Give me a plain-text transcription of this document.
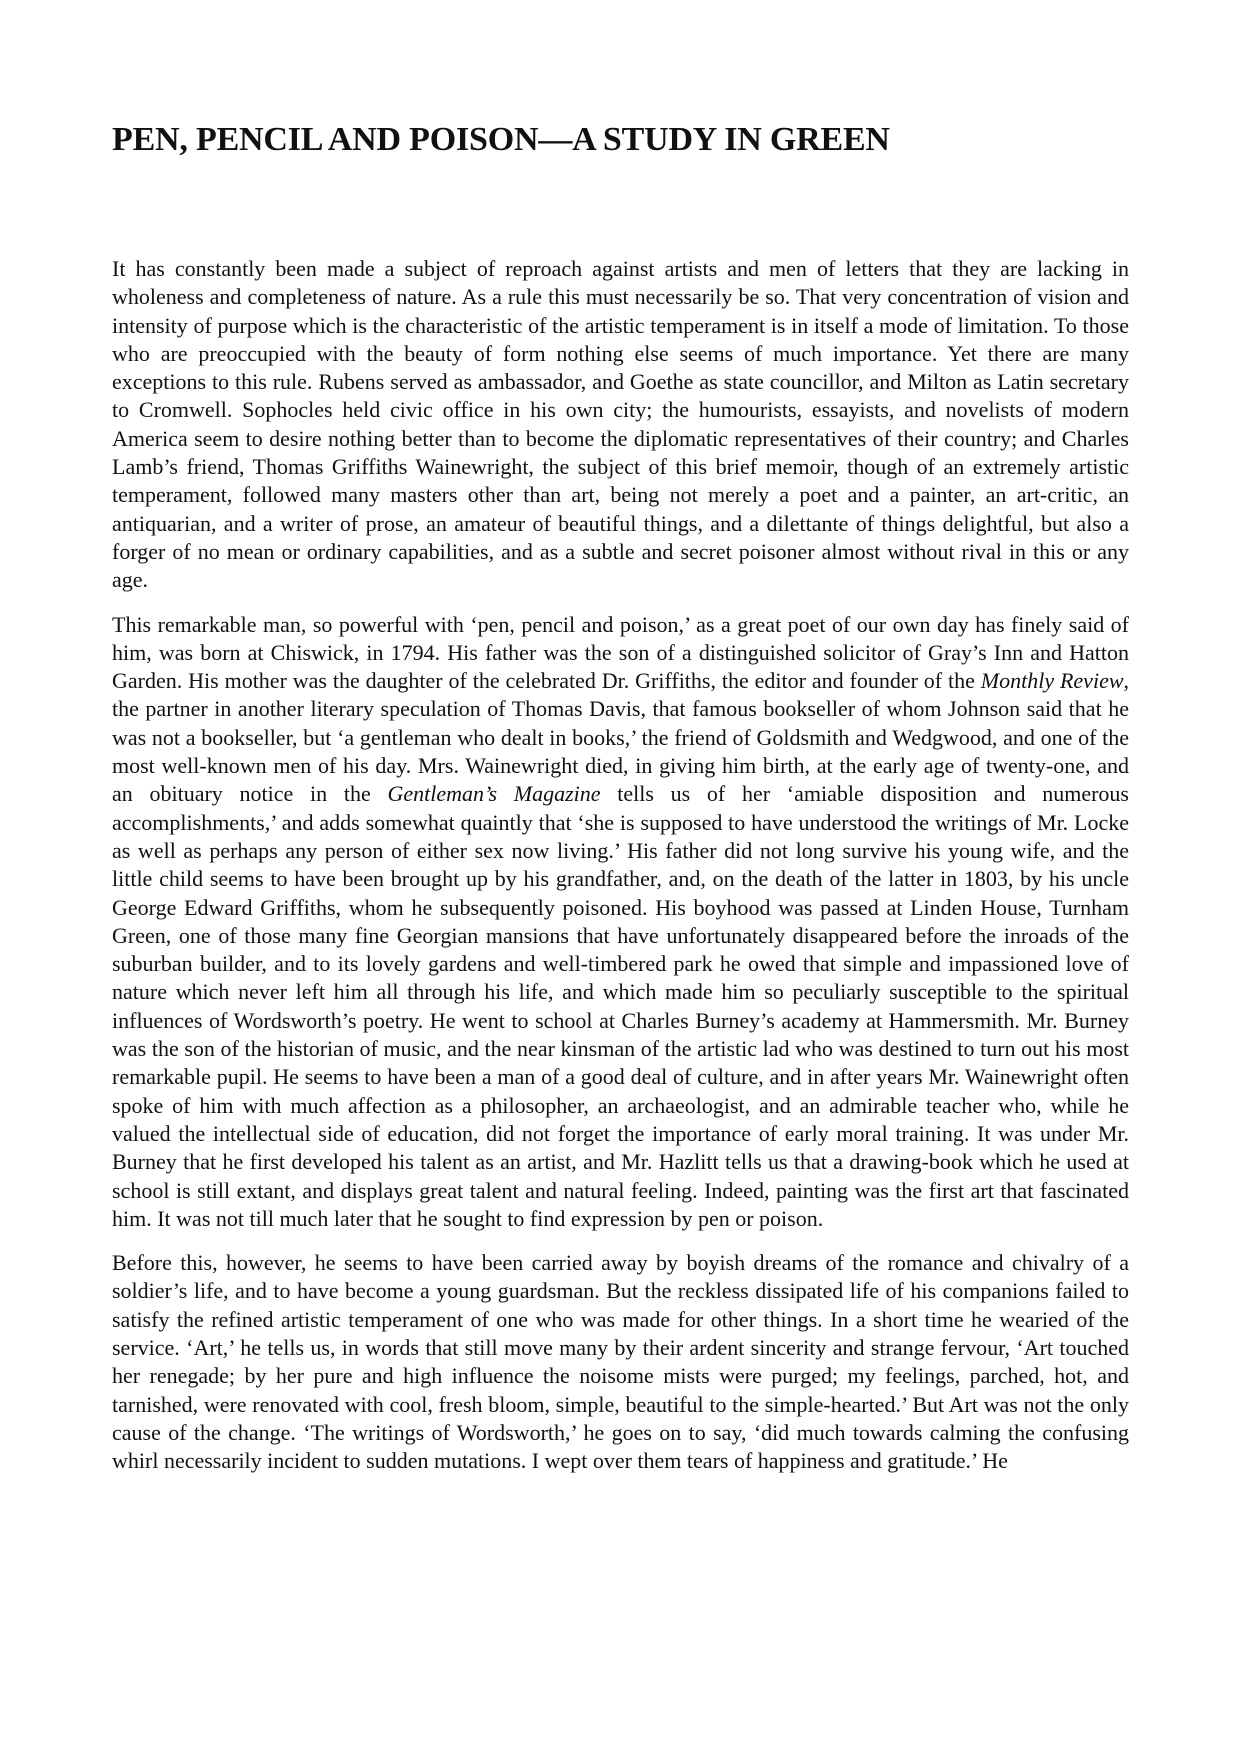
PEN, PENCIL AND POISON—A STUDY IN GREEN

It has constantly been made a subject of reproach against artists and men of letters that they are lacking in wholeness and completeness of nature. As a rule this must necessarily be so. That very concentration of vision and intensity of purpose which is the characteristic of the artistic temperament is in itself a mode of limitation. To those who are preoccupied with the beauty of form nothing else seems of much importance. Yet there are many exceptions to this rule. Rubens served as ambassador, and Goethe as state councillor, and Milton as Latin secretary to Cromwell. Sophocles held civic office in his own city; the humourists, essayists, and novelists of modern America seem to desire nothing better than to become the diplomatic representatives of their country; and Charles Lamb’s friend, Thomas Griffiths Wainewright, the subject of this brief memoir, though of an extremely artistic temperament, followed many masters other than art, being not merely a poet and a painter, an art-critic, an antiquarian, and a writer of prose, an amateur of beautiful things, and a dilettante of things delightful, but also a forger of no mean or ordinary capabilities, and as a subtle and secret poisoner almost without rival in this or any age.

This remarkable man, so powerful with ‘pen, pencil and poison,’ as a great poet of our own day has finely said of him, was born at Chiswick, in 1794. His father was the son of a distinguished solicitor of Gray’s Inn and Hatton Garden. His mother was the daughter of the celebrated Dr. Griffiths, the editor and founder of the Monthly Review, the partner in another literary speculation of Thomas Davis, that famous bookseller of whom Johnson said that he was not a bookseller, but ‘a gentleman who dealt in books,’ the friend of Goldsmith and Wedgwood, and one of the most well-known men of his day. Mrs. Wainewright died, in giving him birth, at the early age of twenty-one, and an obituary notice in the Gentleman’s Magazine tells us of her ‘amiable disposition and numerous accomplishments,’ and adds somewhat quaintly that ‘she is supposed to have understood the writings of Mr. Locke as well as perhaps any person of either sex now living.’ His father did not long survive his young wife, and the little child seems to have been brought up by his grandfather, and, on the death of the latter in 1803, by his uncle George Edward Griffiths, whom he subsequently poisoned. His boyhood was passed at Linden House, Turnham Green, one of those many fine Georgian mansions that have unfortunately disappeared before the inroads of the suburban builder, and to its lovely gardens and well-timbered park he owed that simple and impassioned love of nature which never left him all through his life, and which made him so peculiarly susceptible to the spiritual influences of Wordsworth’s poetry. He went to school at Charles Burney’s academy at Hammersmith. Mr. Burney was the son of the historian of music, and the near kinsman of the artistic lad who was destined to turn out his most remarkable pupil. He seems to have been a man of a good deal of culture, and in after years Mr. Wainewright often spoke of him with much affection as a philosopher, an archaeologist, and an admirable teacher who, while he valued the intellectual side of education, did not forget the importance of early moral training. It was under Mr. Burney that he first developed his talent as an artist, and Mr. Hazlitt tells us that a drawing-book which he used at school is still extant, and displays great talent and natural feeling. Indeed, painting was the first art that fascinated him. It was not till much later that he sought to find expression by pen or poison.

Before this, however, he seems to have been carried away by boyish dreams of the romance and chivalry of a soldier’s life, and to have become a young guardsman. But the reckless dissipated life of his companions failed to satisfy the refined artistic temperament of one who was made for other things. In a short time he wearied of the service. ‘Art,’ he tells us, in words that still move many by their ardent sincerity and strange fervour, ‘Art touched her renegade; by her pure and high influence the noisome mists were purged; my feelings, parched, hot, and tarnished, were renovated with cool, fresh bloom, simple, beautiful to the simple-hearted.’ But Art was not the only cause of the change. ‘The writings of Wordsworth,’ he goes on to say, ‘did much towards calming the confusing whirl necessarily incident to sudden mutations. I wept over them tears of happiness and gratitude.’ He
